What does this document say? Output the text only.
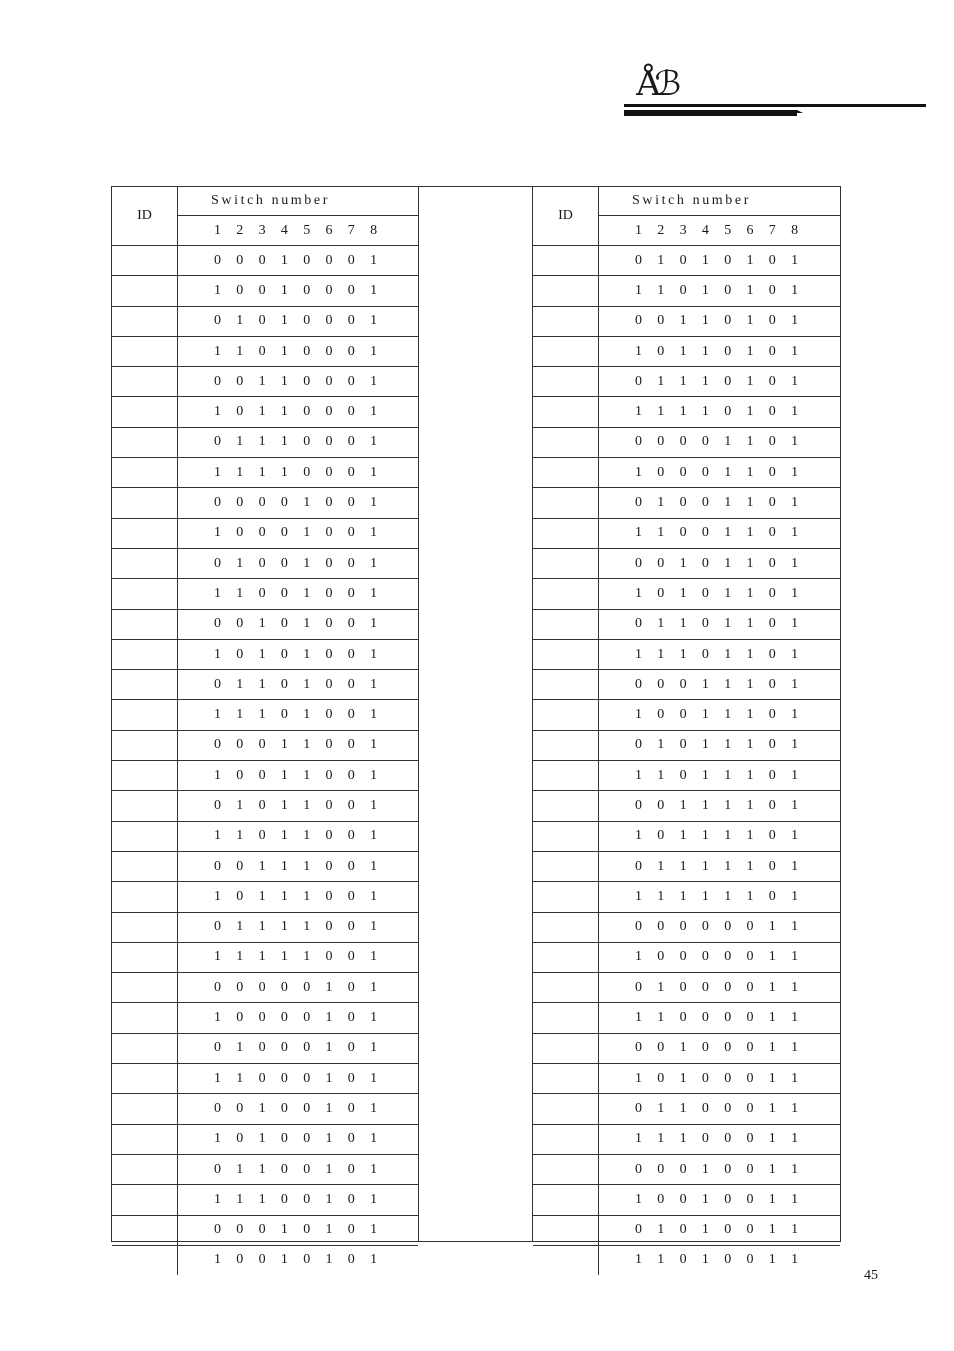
Åℬ
ID	Switch number
	1 2 3 4 5 6 7 8
	0 0 0 1 0 0 0 1
	1 0 0 1 0 0 0 1
	0 1 0 1 0 0 0 1
	1 1 0 1 0 0 0 1
	0 0 1 1 0 0 0 1
	1 0 1 1 0 0 0 1
	0 1 1 1 0 0 0 1
	1 1 1 1 0 0 0 1
	0 0 0 0 1 0 0 1
	1 0 0 0 1 0 0 1
	0 1 0 0 1 0 0 1
	1 1 0 0 1 0 0 1
	0 0 1 0 1 0 0 1
	1 0 1 0 1 0 0 1
	0 1 1 0 1 0 0 1
	1 1 1 0 1 0 0 1
	0 0 0 1 1 0 0 1
	1 0 0 1 1 0 0 1
	0 1 0 1 1 0 0 1
	1 1 0 1 1 0 0 1
	0 0 1 1 1 0 0 1
	1 0 1 1 1 0 0 1
	0 1 1 1 1 0 0 1
	1 1 1 1 1 0 0 1
	0 0 0 0 0 1 0 1
	1 0 0 0 0 1 0 1
	0 1 0 0 0 1 0 1
	1 1 0 0 0 1 0 1
	0 0 1 0 0 1 0 1
	1 0 1 0 0 1 0 1
	0 1 1 0 0 1 0 1
	1 1 1 0 0 1 0 1
	0 0 0 1 0 1 0 1
	1 0 0 1 0 1 0 1
ID	Switch number
	1 2 3 4 5 6 7 8
	0 1 0 1 0 1 0 1
	1 1 0 1 0 1 0 1
	0 0 1 1 0 1 0 1
	1 0 1 1 0 1 0 1
	0 1 1 1 0 1 0 1
	1 1 1 1 0 1 0 1
	0 0 0 0 1 1 0 1
	1 0 0 0 1 1 0 1
	0 1 0 0 1 1 0 1
	1 1 0 0 1 1 0 1
	0 0 1 0 1 1 0 1
	1 0 1 0 1 1 0 1
	0 1 1 0 1 1 0 1
	1 1 1 0 1 1 0 1
	0 0 0 1 1 1 0 1
	1 0 0 1 1 1 0 1
	0 1 0 1 1 1 0 1
	1 1 0 1 1 1 0 1
	0 0 1 1 1 1 0 1
	1 0 1 1 1 1 0 1
	0 1 1 1 1 1 0 1
	1 1 1 1 1 1 0 1
	0 0 0 0 0 0 1 1
	1 0 0 0 0 0 1 1
	0 1 0 0 0 0 1 1
	1 1 0 0 0 0 1 1
	0 0 1 0 0 0 1 1
	1 0 1 0 0 0 1 1
	0 1 1 0 0 0 1 1
	1 1 1 0 0 0 1 1
	0 0 0 1 0 0 1 1
	1 0 0 1 0 0 1 1
	0 1 0 1 0 0 1 1
	1 1 0 1 0 0 1 1
45
